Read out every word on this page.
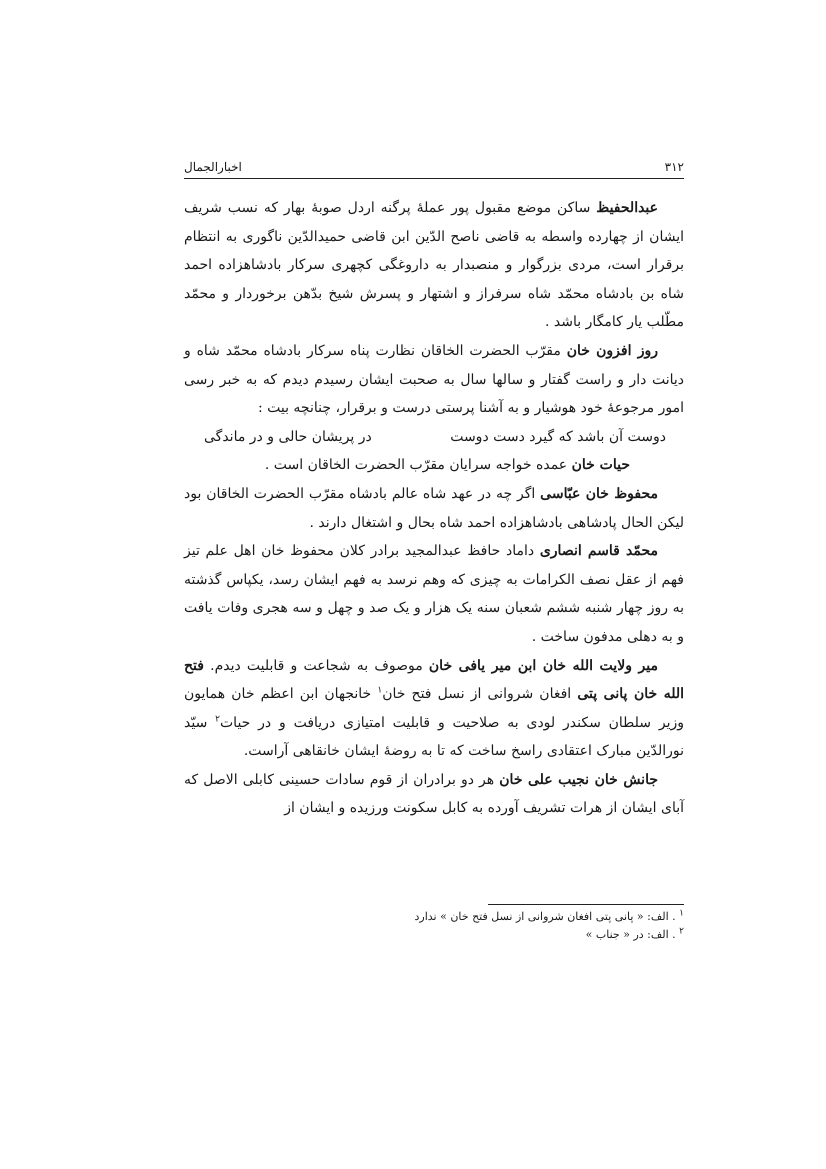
۳۱۲
اخبارالجمال

عبدالحفیظ ساکن موضع مقبول پور عملهٔ پرگنه اردل صوبهٔ بهار که نسب شریف ایشان از چهارده واسطه به قاضی ناصح الدّین ابن قاضی حمیدالدّین ناگوری به انتظام برقرار است، مردی بزرگوار و منصبدار به داروغگی کچهری سرکار بادشاهزاده احمد شاه بن بادشاه محمّد شاه سرفراز و اشتهار و پسرش شیخ بدّهن برخوردار و محمّد مطّلب یار کامگار باشد .

روز افزون خان مقرّب الحضرت الخاقان نظارت پناه سرکار بادشاه محمّد شاه و دیانت دار و راست گفتار و سالها سال به صحبت ایشان رسیدم دیدم که به خبر رسی امور مرجوعهٔ خود هوشیار و به آشنا پرستی درست و برقرار، چنانچه بیت :

دوست آن باشد که گیرد دست دوست
در پریشان حالی و در ماندگی

حیات خان عمده خواجه سرایان مقرّب الحضرت الخاقان است .

محفوظ خان عبّاسی اگر چه در عهد شاه عالم بادشاه مقرّب الحضرت الخاقان بود لیکن الحال پادشاهی بادشاهزاده احمد شاه بحال و اشتغال دارند .

محمّد قاسم انصاری داماد حافظ عبدالمجید برادر کلان محفوظ خان اهل علم تیز فهم از عقل نصف الکرامات به چیزی که وهم نرسد به فهم ایشان رسد، یکپاس گذشته به روز چهار شنبه ششم شعبان سنه یک هزار و یک صد و چهل و سه هجری وفات یافت و به دهلی مدفون ساخت .

میر ولایت الله خان ابن میر یافی خان موصوف به شجاعت و قابلیت دیدم. فتح الله خان پانی پتی افغان شروانی از نسل فتح خان$^۱$ خانجهان ابن اعظم خان همایون وزیر سلطان سکندر لودی به صلاحیت و قابلیت امتیازی دریافت و در حیات$^۲$ سیّد نورالدّین مبارک اعتقادی راسخ ساخت که تا به روضهٔ ایشان خانقاهی آراست.

جانش خان نجیب علی خان هر دو برادران از قوم سادات حسینی کابلی الاصل که آبای ایشان از هرات تشریف آورده به کابل سکونت ورزیده و ایشان از

$^۱$ . الف: « پانی پتی افغان شروانی از نسل فتح خان » ندارد

$^۲$ . الف: در « جناب »
